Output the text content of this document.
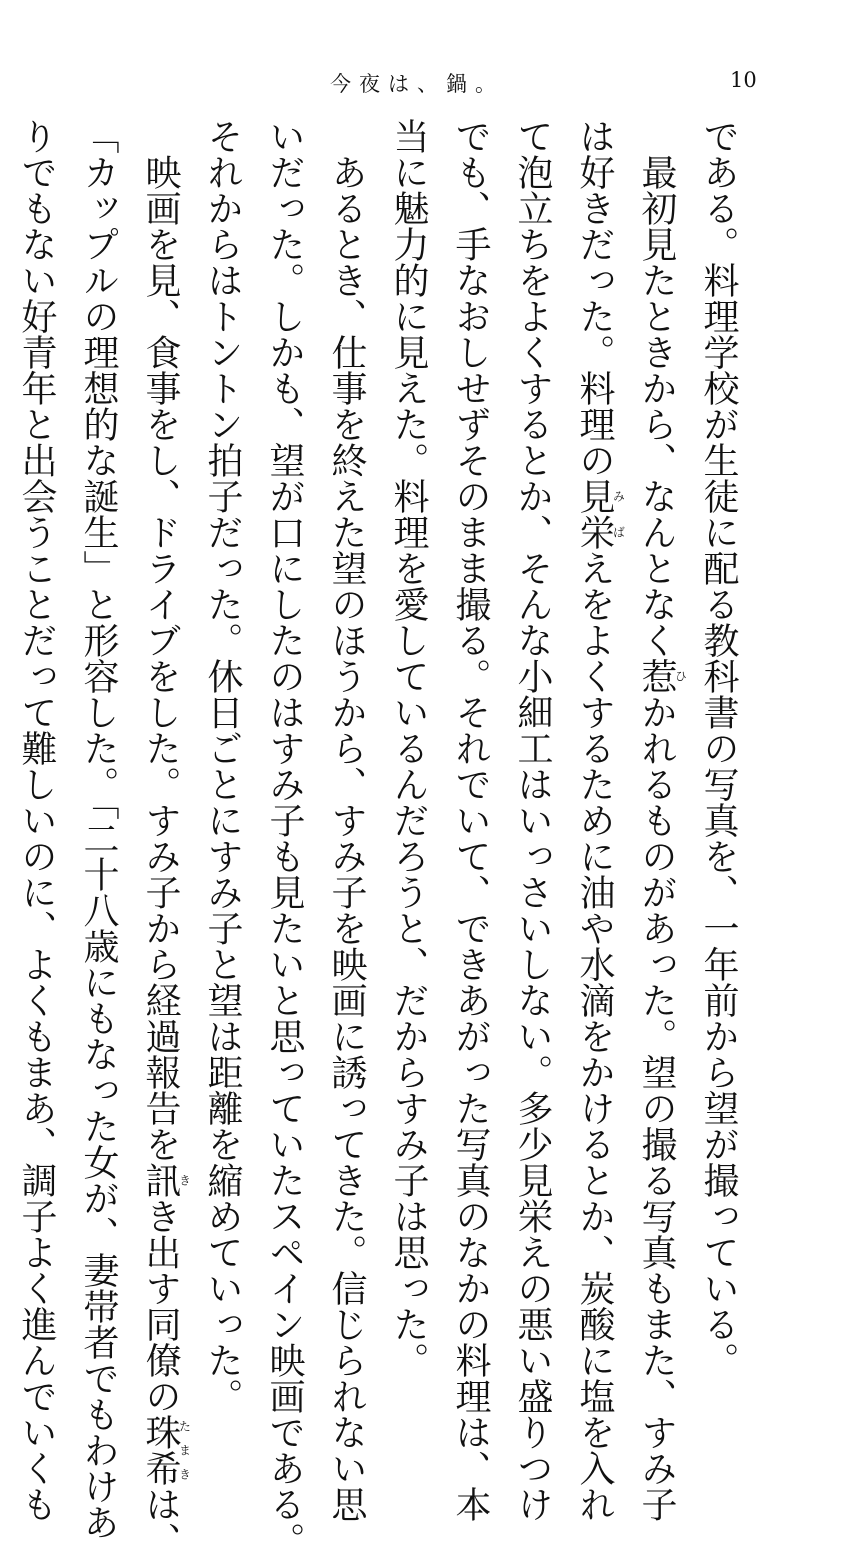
今夜は、鍋。	10
である。料理学校が生徒に配る教科書の写真を、一年前から望が撮っている。
　最初見たときから、なんとなく惹ひかれるものがあった。望の撮る写真もまた、すみ子
は好きだった。料理の見栄みばえをよくするために油や水滴をかけるとか、炭酸に塩を入れ
て泡立ちをよくするとか、そんな小細工はいっさいしない。多少見栄えの悪い盛りつけ
でも、手なおしせずそのまま撮る。それでいて、できあがった写真のなかの料理は、本
当に魅力的に見えた。料理を愛しているんだろうと、だからすみ子は思った。
　あるとき、仕事を終えた望のほうから、すみ子を映画に誘ってきた。信じられない思
いだった。しかも、望が口にしたのはすみ子も見たいと思っていたスペイン映画である。
それからはトントン拍子だった。休日ごとにすみ子と望は距離を縮めていった。
　映画を見、食事をし、ドライブをした。すみ子から経過報告を訊きき出す同僚の珠希たまきは、
「カップルの理想的な誕生」と形容した。「二十八歳にもなった女が、妻帯者でもわけあ
りでもない好青年と出会うことだって難しいのに、よくもまあ、調子よく進んでいくも
